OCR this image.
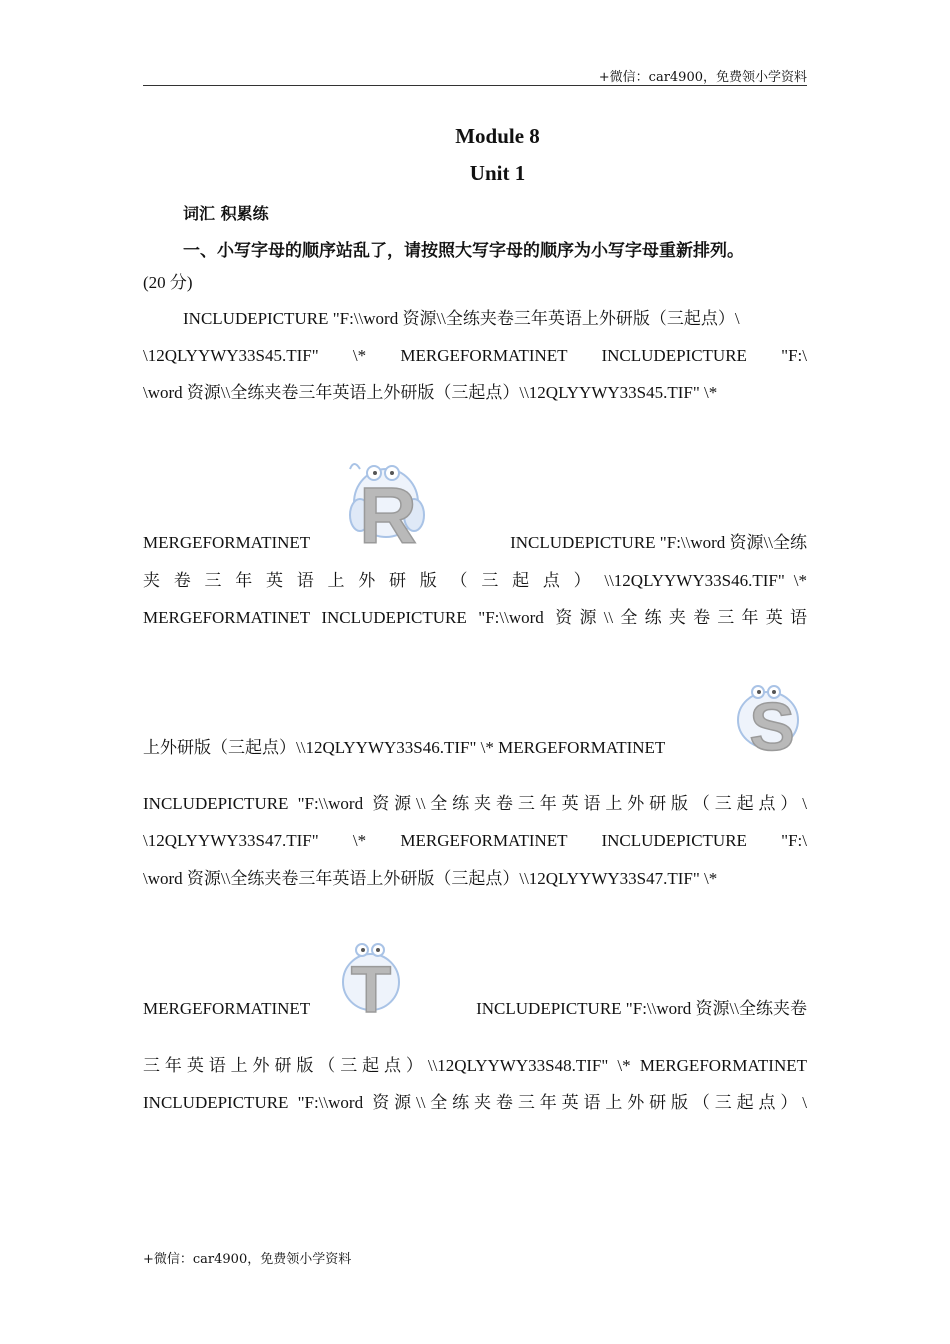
+微信：car4900，免费领小学资料
Module 8
Unit 1
词汇 积累练
一、小写字母的顺序站乱了，请按照大写字母的顺序为小写字母重新排列。
(20 分)
INCLUDEPICTURE "F:\\word 资源\\全练夹卷三年英语上外研版（三起点）\
\12QLYYWY33S45.TIF" \* MERGEFORMATINET INCLUDEPICTURE "F:\
\word 资源\\全练夹卷三年英语上外研版（三起点）\\12QLYYWY33S45.TIF" \*
MERGEFORMATINET R	INCLUDEPICTURE "F:\\word 资源\\全练
夹 卷 三 年 英 语 上 外 研 版 （ 三 起 点 ） \\12QLYYWY33S46.TIF" \*
MERGEFORMATINET INCLUDEPICTURE "F:\\word 资源\\全练夹卷三年英语
上外研版（三起点）\\12QLYYWY33S46.TIF" \* MERGEFORMATINET	S
INCLUDEPICTURE "F:\\word 资源\\全练夹卷三年英语上外研版（三起点）\
\12QLYYWY33S47.TIF" \* MERGEFORMATINET INCLUDEPICTURE "F:\
\word 资源\\全练夹卷三年英语上外研版（三起点）\\12QLYYWY33S47.TIF" \*
MERGEFORMATINET T	INCLUDEPICTURE "F:\\word 资源\\全练夹卷
三年英语上外研版（三起点）\\12QLYYWY33S48.TIF" \* MERGEFORMATINET
INCLUDEPICTURE "F:\\word 资源\\全练夹卷三年英语上外研版（三起点）\
+微信：car4900，免费领小学资料
